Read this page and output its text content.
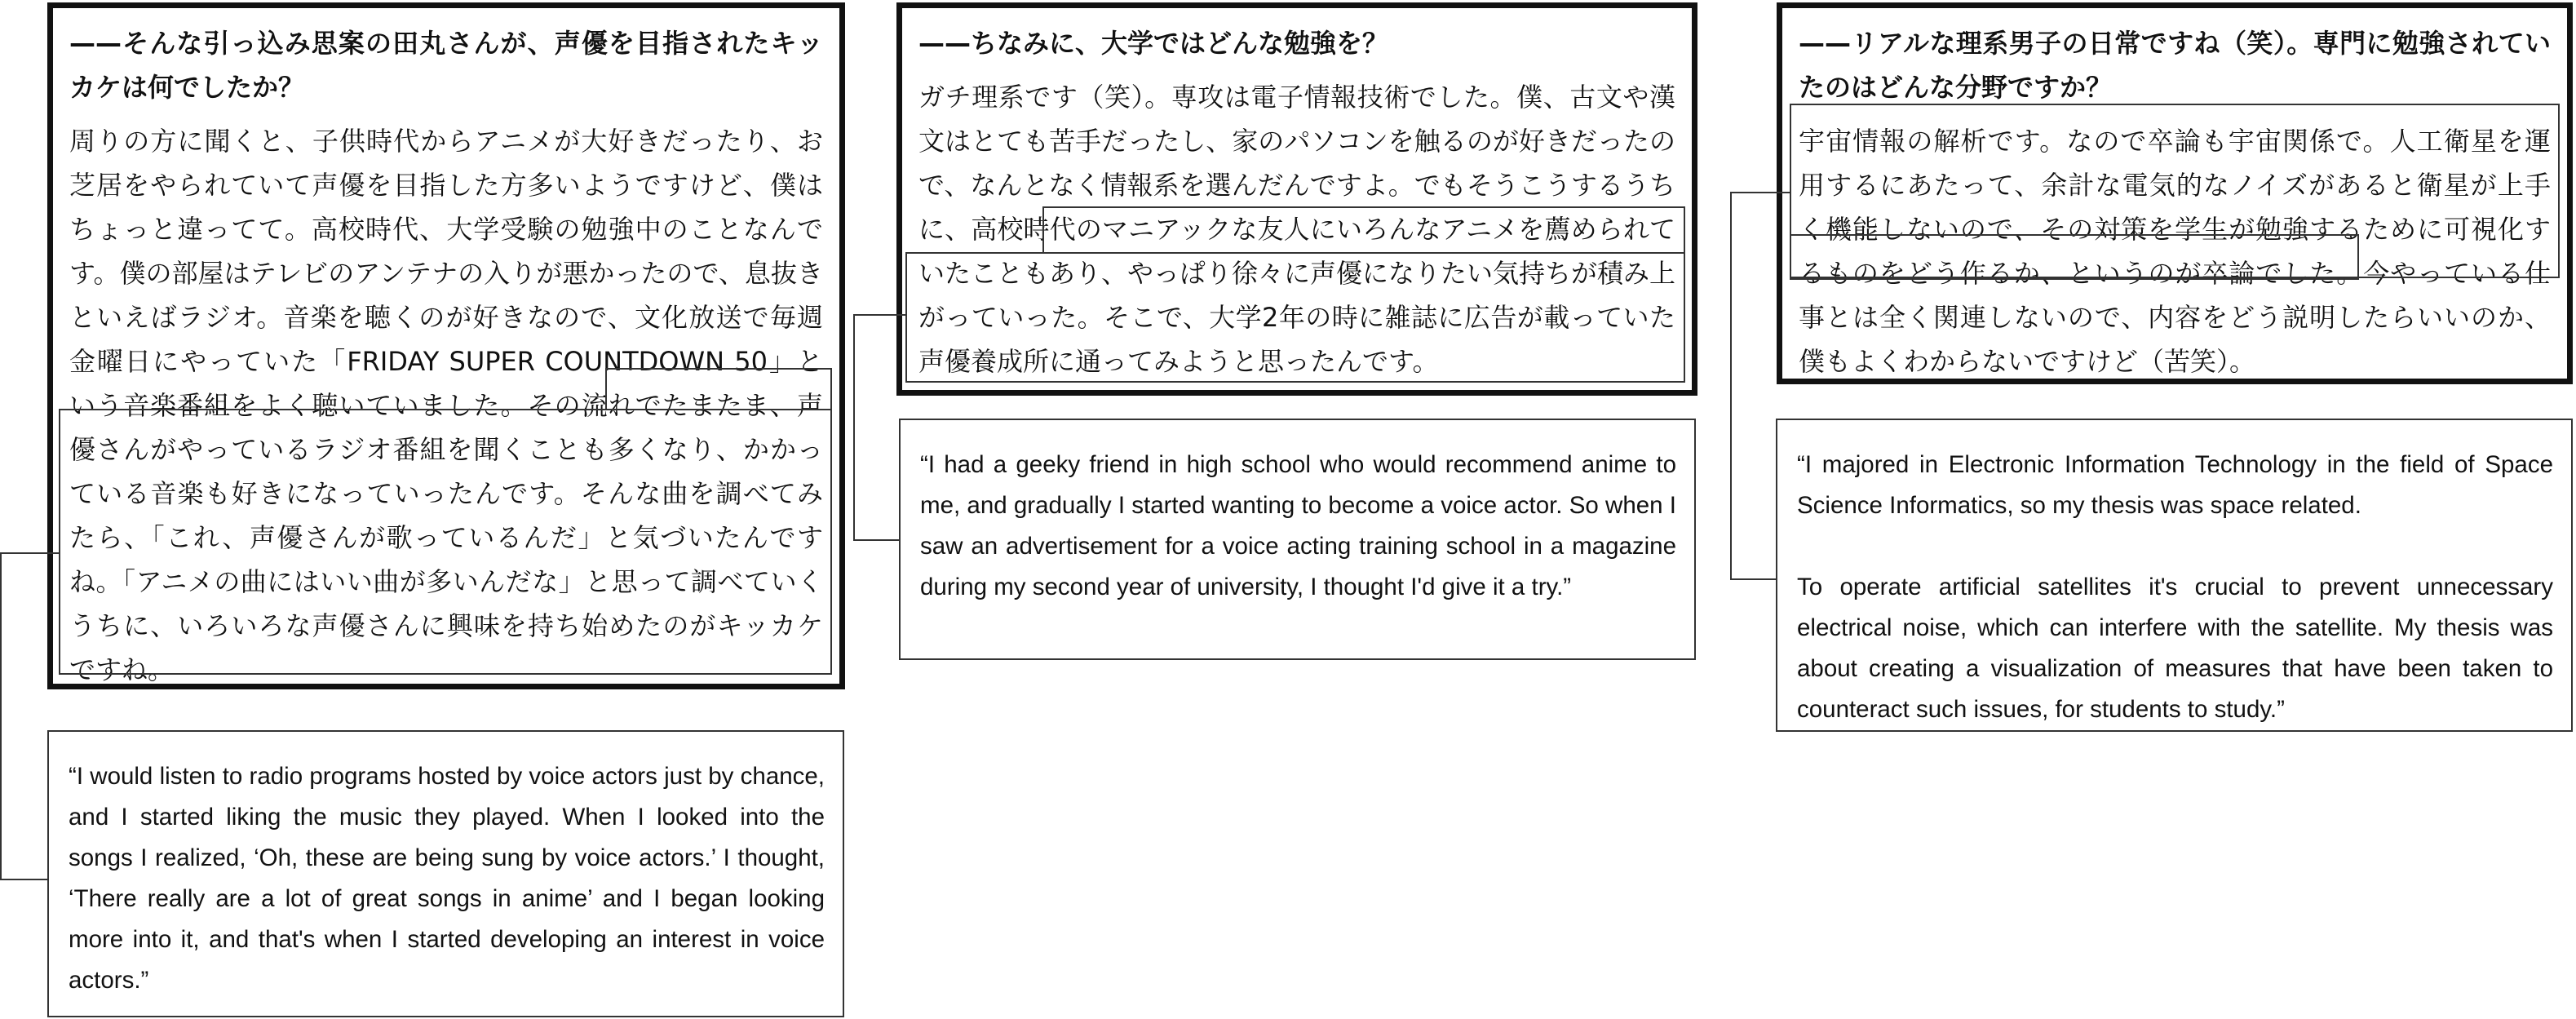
——そんな引っ込み思案の田丸さんが、声優を目指されたキッカケは何でしたか？
周りの方に聞くと、子供時代からアニメが大好きだったり、お芝居をやられていて声優を目指した方多いようですけど、僕はちょっと違ってて。高校時代、大学受験の勉強中のことなんです。僕の部屋はテレビのアンテナの入りが悪かったので、息抜きといえばラジオ。音楽を聴くのが好きなので、文化放送で毎週金曜日にやっていた「FRIDAY SUPER COUNTDOWN 50」という音楽番組をよく聴いていました。その流れでたまたま、声優さんがやっているラジオ番組を聞くことも多くなり、かかっている音楽も好きになっていったんです。そんな曲を調べてみたら、「これ、声優さんが歌っているんだ」と気づいたんですね。「アニメの曲にはいい曲が多いんだな」と思って調べていくうちに、いろいろな声優さんに興味を持ち始めたのがキッカケですね。
“I would listen to radio programs hosted by voice actors just by chance, and I started liking the music they played. When I looked into the songs I realized, ‘Oh, these are being sung by voice actors.’ I thought, ‘There really are a lot of great songs in anime’ and I began looking more into it, and that's when I started developing an interest in voice actors.”
——ちなみに、大学ではどんな勉強を？
ガチ理系です（笑）。専攻は電子情報技術でした。僕、古文や漢文はとても苦手だったし、家のパソコンを触るのが好きだったので、なんとなく情報系を選んだんですよ。でもそうこうするうちに、高校時代のマニアックな友人にいろんなアニメを薦められていたこともあり、やっぱり徐々に声優になりたい気持ちが積み上がっていった。そこで、大学2年の時に雑誌に広告が載っていた声優養成所に通ってみようと思ったんです。
“I had a geeky friend in high school who would recommend anime to me, and gradually I started wanting to become a voice actor. So when I saw an advertisement for a voice acting training school in a magazine during my second year of university, I thought I'd give it a try.”
——リアルな理系男子の日常ですね（笑）。専門に勉強されていたのはどんな分野ですか？
宇宙情報の解析です。なので卒論も宇宙関係で。人工衛星を運用するにあたって、余計な電気的なノイズがあると衛星が上手く機能しないので、その対策を学生が勉強するために可視化するものをどう作るか、というのが卒論でした。今やっている仕事とは全く関連しないので、内容をどう説明したらいいのか、僕もよくわからないですけど（苦笑）。
“I majored in Electronic Information Technology in the field of Space Science Informatics, so my thesis was space related.
To operate artificial satellites it's crucial to prevent unnecessary electrical noise, which can interfere with the satellite. My thesis was about creating a visualization of measures that have been taken to counteract such issues, for students to study.”
